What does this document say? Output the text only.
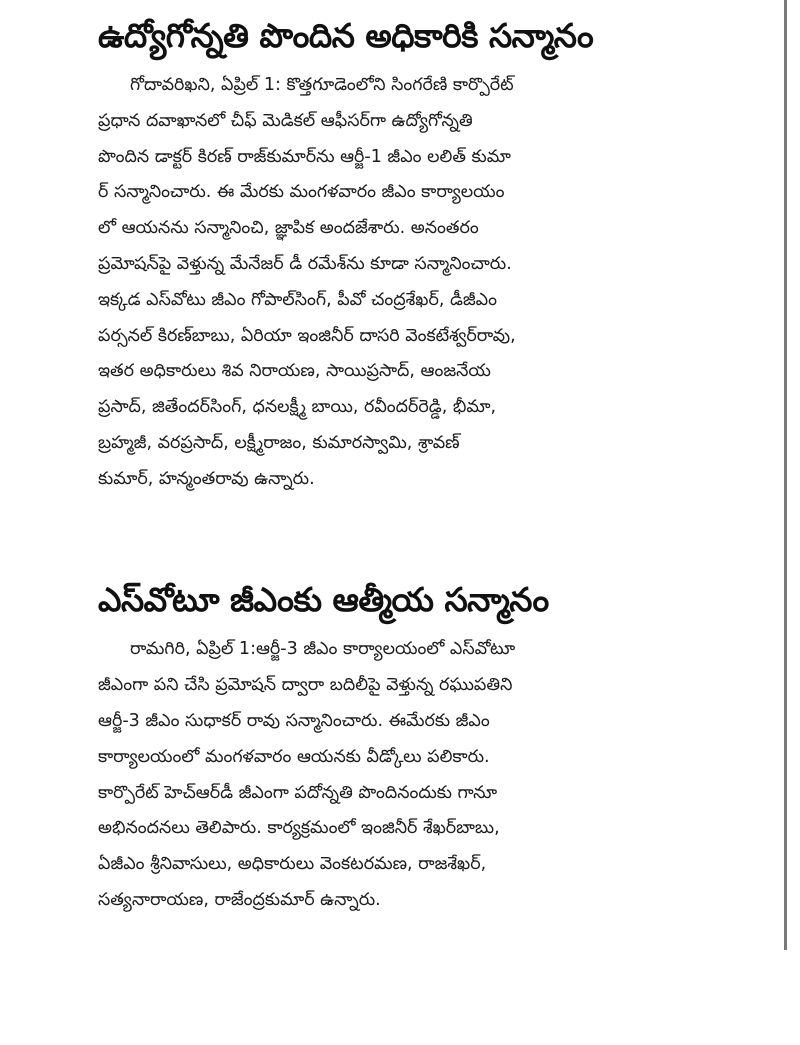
ఉద్యోగోన్నతి పొందిన అధికారికి సన్మానం
గోదావరిఖని, ఏప్రిల్ 1: కొత్తగూడెంలోని సింగరేణి కార్పొరేట్
ప్రధాన దవాఖానలో చీఫ్ మెడికల్ ఆఫీసర్‌గా ఉద్యోగోన్నతి
పొందిన డాక్టర్ కిరణ్ రాజ్‌కుమార్‌ను ఆర్జీ-1 జీఎం లలిత్ కుమా
ర్ సన్మానించారు. ఈ మేరకు మంగళవారం జీఎం కార్యాలయం
లో ఆయనను సన్మానించి, జ్ఞాపిక అందజేశారు. అనంతరం
ప్రమోషన్‌పై వెళ్తున్న మేనేజర్ డీ రమేశ్‌ను కూడా సన్మానించారు.
ఇక్కడ ఎస్‌వోటు జీఎం గోపాల్‌సింగ్, పీవో చంద్రశేఖర్, డీజీఎం
పర్సనల్ కిరణ్‌బాబు, ఏరియా ఇంజినీర్ దాసరి వెంకటేశ్వర్‌రావు,
ఇతర అధికారులు శివ నిరాయణ, సాయిప్రసాద్, ఆంజనేయ
ప్రసాద్, జితేందర్‌సింగ్, ధనలక్ష్మీ బాయి, రవీందర్‌రెడ్డి, భీమా,
బ్రహ్మజీ, వరప్రసాద్, లక్ష్మీరాజం, కుమారస్వామి, శ్రావణ్
కుమార్, హన్మంతరావు ఉన్నారు.
ఎస్‌వోటూ జీఎంకు ఆత్మీయ సన్మానం
రామగిరి, ఏప్రిల్ 1:ఆర్జీ-3 జీఎం కార్యాలయంలో ఎస్‌వోటూ
జీఎంగా పని చేసి ప్రమోషన్ ద్వారా బదిలీపై వెళ్తున్న రఘుపతిని
ఆర్జీ-3 జీఎం సుధాకర్ రావు సన్మానించారు. ఈమేరకు జీఎం
కార్యాలయంలో మంగళవారం ఆయనకు వీడ్కోలు పలికారు.
కార్పొరేట్ హెచ్‌ఆర్‌డీ జీఎంగా పదోన్నతి పొందినందుకు గానూ
అభినందనలు తెలిపారు. కార్యక్రమంలో ఇంజినీర్ శేఖర్‌బాబు,
ఏజీఎం శ్రీనివాసులు, అధికారులు వెంకటరమణ, రాజశేఖర్,
సత్యనారాయణ, రాజేంద్రకుమార్ ఉన్నారు.
